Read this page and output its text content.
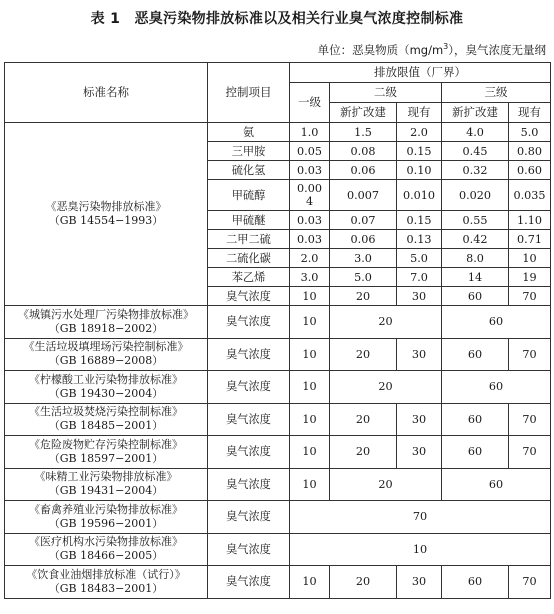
表 1　恶臭污染物排放标准以及相关行业臭气浓度控制标准
单位：恶臭物质$(mg/m^3)$，臭气浓度无量纲
标准名称	控制项目	排放限值（厂界）				
		一级	二级		三级	
			新扩改建	现有	新扩改建	现有

《恶臭污染物排放标准》
（GB 14554−1993）	氨	1.0	1.5	2.0	4.0	5.0
	三甲胺	0.05	0.08	0.15	0.45	0.80
	硫化氢	0.03	0.06	0.10	0.32	0.60
	甲硫醇	0.004	0.007	0.010	0.020	0.035
	甲硫醚	0.03	0.07	0.15	0.55	1.10
	二甲二硫	0.03	0.06	0.13	0.42	0.71
	二硫化碳	2.0	3.0	5.0	8.0	10
	苯乙烯	3.0	5.0	7.0	14	19
	臭气浓度	10	20	30	60	70

《城镇污水处理厂污染物排放标准》
（GB 18918−2002）	臭气浓度	10	20		60	

《生活垃圾填埋场污染控制标准》
（GB 16889−2008）	臭气浓度	10	20	30	60	70

《柠檬酸工业污染物排放标准》
（GB 19430−2004）	臭气浓度	10	20		60	

《生活垃圾焚烧污染控制标准》
（GB 18485−2001）	臭气浓度	10	20	30	60	70

《危险废物贮存污染控制标准》
（GB 18597−2001）	臭气浓度	10	20	30	60	70

《味精工业污染物排放标准》
（GB 19431−2004）	臭气浓度	10	20		60	

《畜禽养殖业污染物排放标准》
（GB 19596−2001）	臭气浓度	70				

《医疗机构水污染物排放标准》
（GB 18466−2005）	臭气浓度	10				

《饮食业油烟排放标准（试行）》
（GB 18483−2001）	臭气浓度	10	20	30	60	70
